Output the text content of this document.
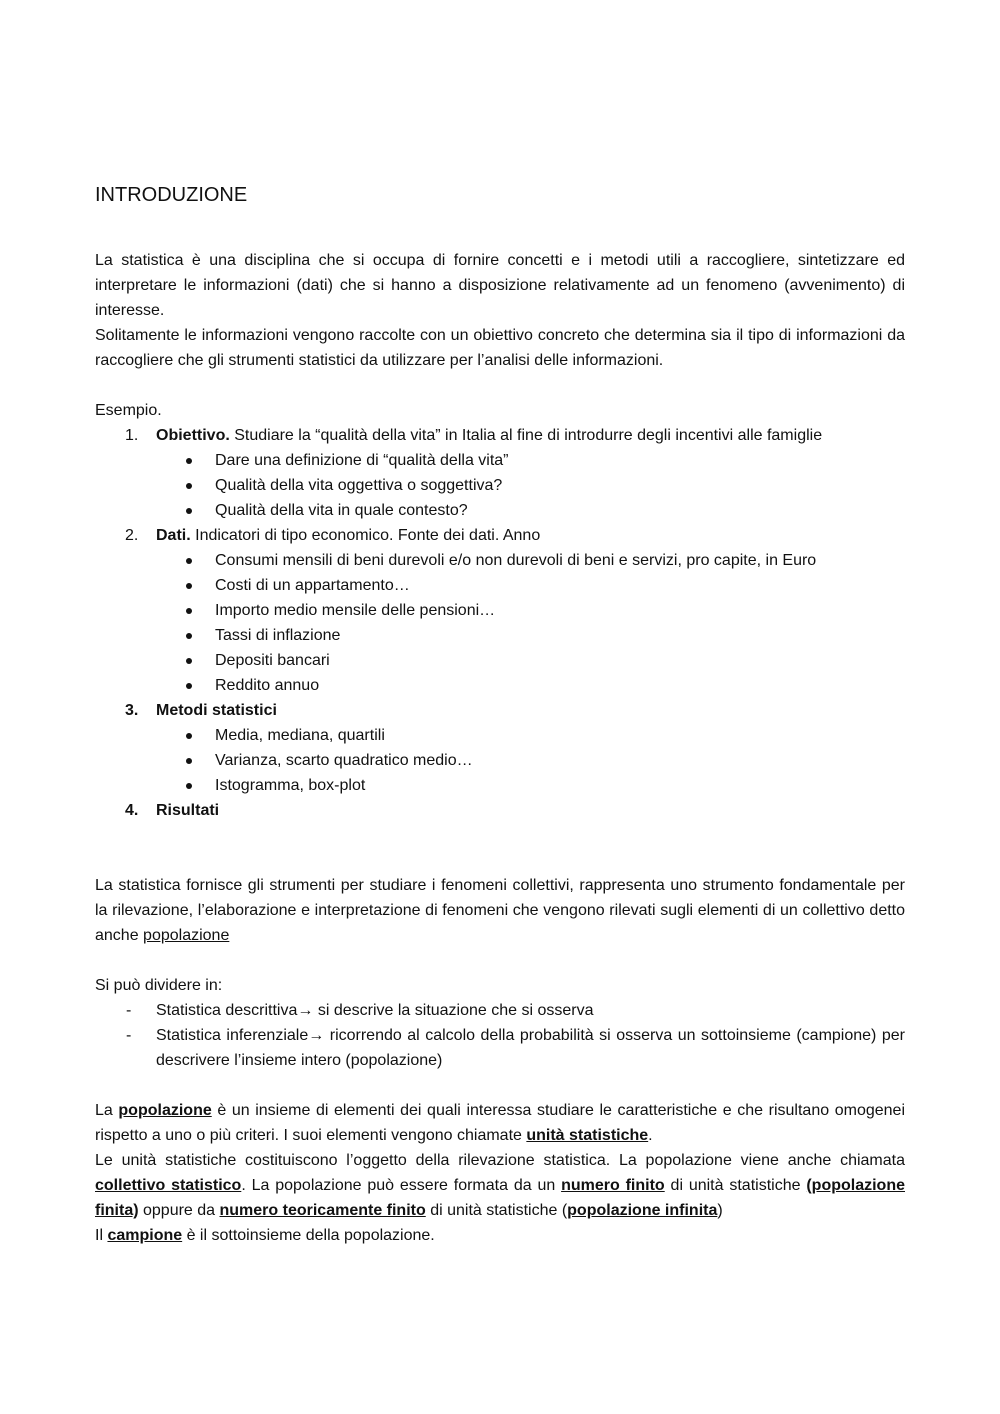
INTRODUZIONE

La statistica è una disciplina che si occupa di fornire concetti e i metodi utili a raccogliere, sintetizzare ed interpretare le informazioni (dati) che si hanno a disposizione relativamente ad un fenomeno (avvenimento) di interesse.

Solitamente le informazioni vengono raccolte con un obiettivo concreto che determina sia il tipo di informazioni da raccogliere che gli strumenti statistici da utilizzare per l’analisi delle informazioni.

Esempio.

1. Obiettivo. Studiare la “qualità della vita” in Italia al fine di introdurre degli incentivi alle famiglie
Dare una definizione di “qualità della vita”
Qualità della vita oggettiva o soggettiva?
Qualità della vita in quale contesto?
2. Dati. Indicatori di tipo economico. Fonte dei dati. Anno
Consumi mensili di beni durevoli e/o non durevoli di beni e servizi, pro capite, in Euro
Costi di un appartamento…
Importo medio mensile delle pensioni…
Tassi di inflazione
Depositi bancari
Reddito annuo
3. Metodi statistici
Media, mediana, quartili
Varianza, scarto quadratico medio…
Istogramma, box-plot
4. Risultati

La statistica fornisce gli strumenti per studiare i fenomeni collettivi, rappresenta uno strumento fondamentale per la rilevazione, l’elaborazione e interpretazione di fenomeni che vengono rilevati sugli elementi di un collettivo detto anche popolazione

Si può dividere in:

- Statistica descrittiva→ si descrive la situazione che si osserva
- Statistica inferenziale→ ricorrendo al calcolo della probabilità si osserva un sottoinsieme (campione) per descrivere l’insieme intero (popolazione)

La popolazione è un insieme di elementi dei quali interessa studiare le caratteristiche e che risultano omogenei rispetto a uno o più criteri. I suoi elementi vengono chiamate unità statistiche.

Le unità statistiche costituiscono l’oggetto della rilevazione statistica. La popolazione viene anche chiamata collettivo statistico. La popolazione può essere formata da un numero finito di unità statistiche (popolazione finita) oppure da numero teoricamente finito di unità statistiche (popolazione infinita)

Il campione è il sottoinsieme della popolazione.
